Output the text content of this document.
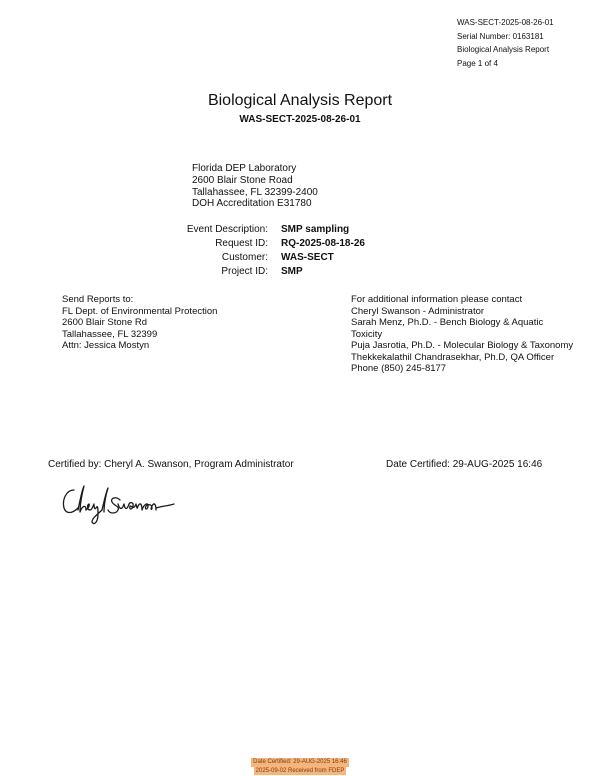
WAS-SECT-2025-08-26-01
Serial Number: 0163181
Biological Analysis Report
Page 1 of 4
Biological Analysis Report
WAS-SECT-2025-08-26-01
Florida DEP Laboratory
2600 Blair Stone Road
Tallahassee, FL 32399-2400
DOH Accreditation E31780
Event Description:
Request ID:
Customer:
Project ID:
SMP sampling
RQ-2025-08-18-26
WAS-SECT
SMP
Send Reports to:
FL Dept. of Environmental Protection
2600 Blair Stone Rd
Tallahassee, FL 32399
Attn: Jessica Mostyn
For additional information please contact
Cheryl Swanson - Administrator
Sarah Menz, Ph.D. - Bench Biology & Aquatic
Toxicity
Puja Jasrotia, Ph.D. - Molecular Biology & Taxonomy
Thekkekalathil Chandrasekhar, Ph.D, QA Officer
Phone (850) 245-8177
Certified by: Cheryl A. Swanson, Program Administrator	Date Certified: 29-AUG-2025 16:46
Date Certified: 29-AUG-2025 16:46
2025-09-02 Received from FDEP
